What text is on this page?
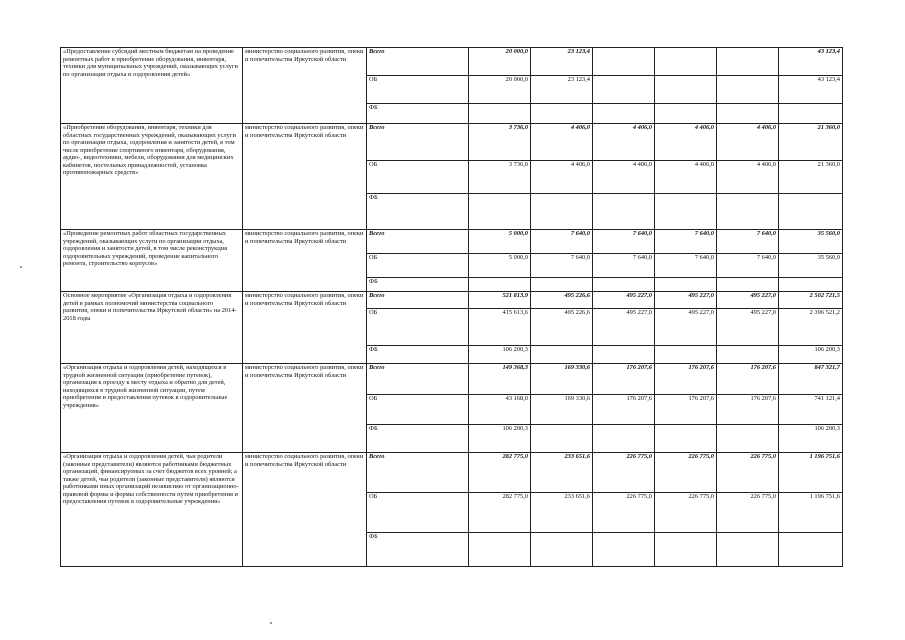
«Предоставление субсидий местным бюджетам на проведение ремонтных работ в приобретение оборудования, инвентаря, техники для муниципальных учреждений, оказывающих услуги по организации отдыха и оздоровления детей»	министерство социального развития, опеки и попечительства Иркутской области	Всего	20 000,0	23 123,4				43 123,4
		ОБ	20 000,0	23 123,4				43 123,4
		ФБ						
«Приобретение оборудования, инвентаря, техники для областных государственных учреждений, оказывающих услуги по организации отдыха, оздоровления и занятости детей, в том числе приобретение спортивного инвентаря, оборудования, аудио-, видеотехники, мебели, оборудования для медицинских кабинетов, постельных принадлежностей, установка противопожарных средств»	министерство социального развития, опеки и попечительства Иркутской области	Всего	3 736,0	4 406,0	4 406,0	4 406,0	4 406,0	21 360,0
		ОБ	3 736,0	4 406,0	4 406,0	4 406,0	4 406,0	21 360,0
		ФБ						
«Проведение ремонтных работ областных государственных учреждений, оказывающих услуги по организации отдыха, оздоровления и занятости детей, в том числе реконструкция оздоровительных учреждений, проведение капитального ремонта, строительство корпусов»	министерство социального развития, опеки и попечительства Иркутской области	Всего	5 000,0	7 640,0	7 640,0	7 640,0	7 640,0	35 560,0
		ОБ	5 000,0	7 640,0	7 640,0	7 640,0	7 640,0	35 560,0
		ФБ						
Основное мероприятие «Организация отдыха и оздоровления детей в рамках полномочий министерства социального развития, опеки и попечительства Иркутской области» на 2014-2018 годы	министерство социального развития, опеки и попечительства Иркутской области	Всего	521 813,9	495 226,6	495 227,0	495 227,0	495 227,0	2 502 721,5
		ОБ	415 613,6	495 226,6	495 227,0	495 227,0	495 227,0	2 396 521,2
		ФБ	106 200,3					106 200,3
«Организация отдыха и оздоровления детей, находящихся в трудной жизненной ситуации (приобретение путевок), организация к проезду к месту отдыха и обратно для детей, находящихся в трудной жизненной ситуации, путем приобретения и предоставления путевок в оздоровительные учреждения»	министерство социального развития, опеки и попечительства Иркутской области	Всего	149 368,3	169 330,6	176 207,6	176 207,6	176 207,6	847 321,7
		ОБ	43 168,0	169 330,6	176 207,6	176 207,6	176 207,6	741 121,4
		ФБ	106 200,3					106 200,3
«Организация отдыха и оздоровления детей, чьи родители (законные представители) являются работниками бюджетных организаций, финансируемых за счет бюджетов всех уровней; а также детей, чьи родители (законные представители) являются работниками иных организаций независимо от организационно-правовой формы и формы собственности путем приобретения и предоставления путевок в оздоровительные учреждения»	министерство социального развития, опеки и попечительства Иркутской области	Всего	282 775,0	233 651,6	226 775,0	226 775,0	226 775,0	1 196 751,6
		ОБ	282 775,0	233 651,6	226 775,0	226 775,0	226 775,0	1 196 751,6
		ФБ						
